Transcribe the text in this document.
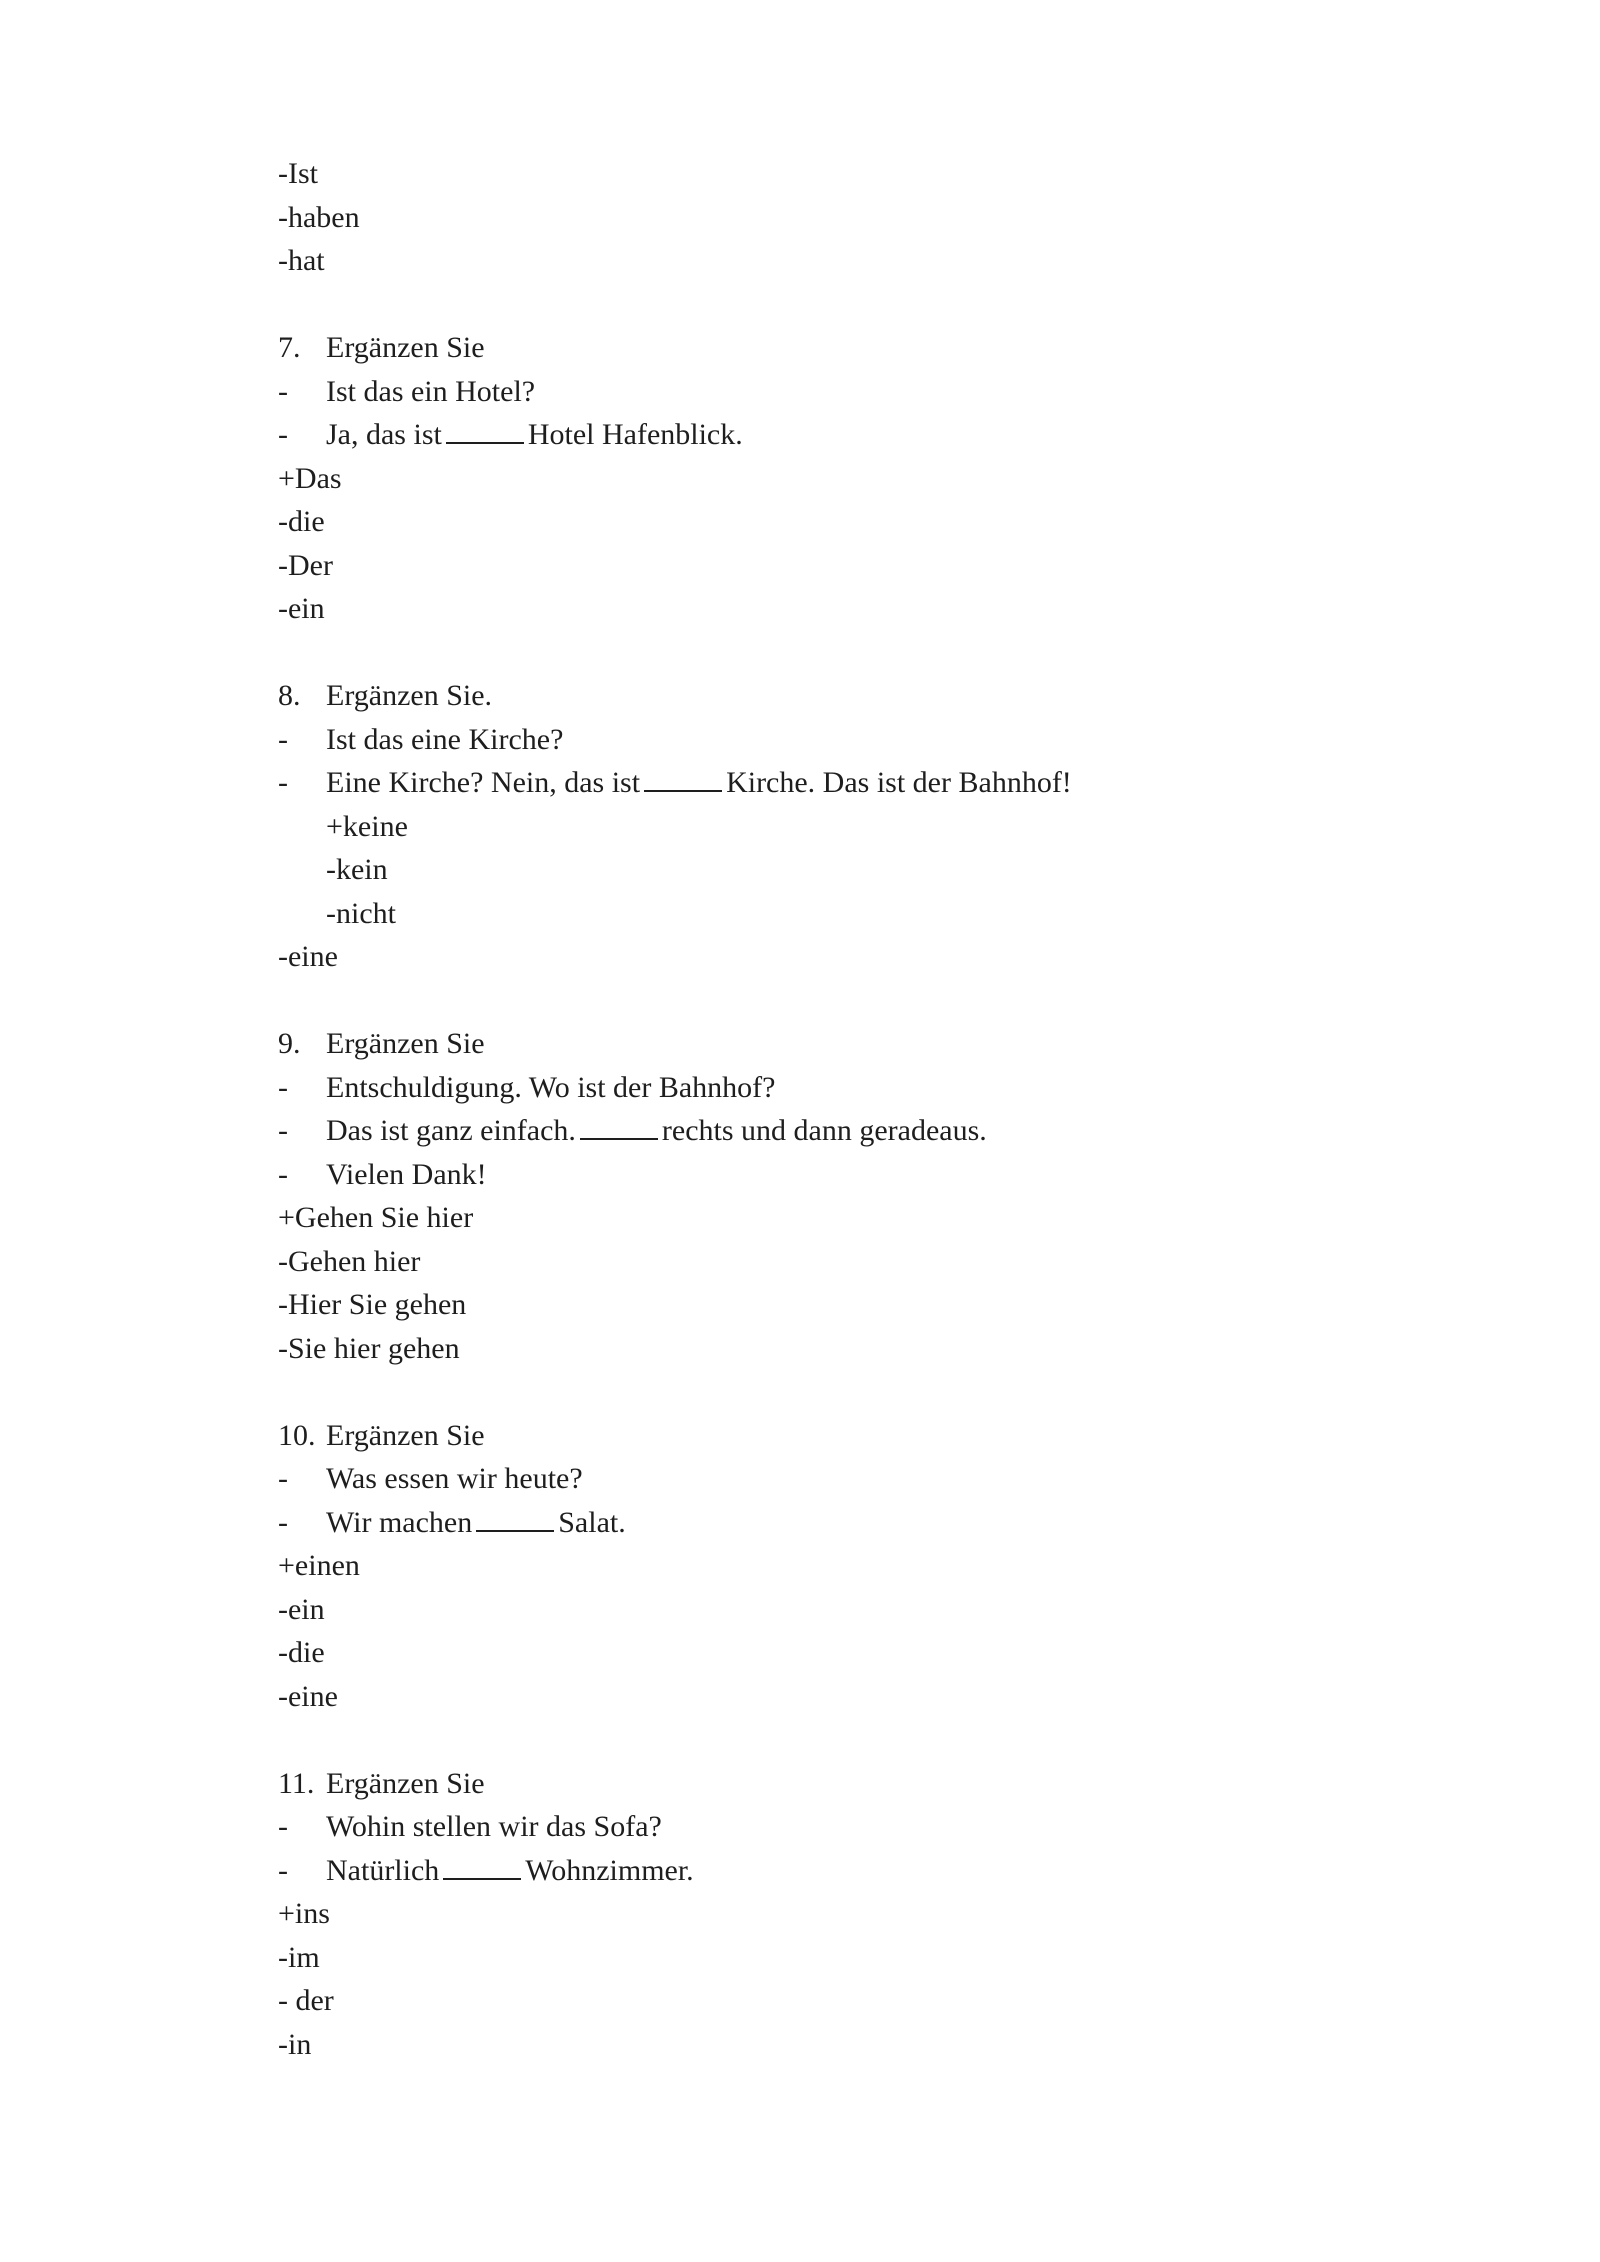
-Ist
-haben
-hat
7. Ergänzen Sie
-	Ist das ein Hotel?
-	Ja, das ist	Hotel Hafenblick.
+Das
-die
-Der
-ein
8. Ergänzen Sie.
-	Ist das eine Kirche?
-	Eine Kirche? Nein, das ist	Kirche. Das ist der Bahnhof!
+keine
-kein
-nicht
-eine
9. Ergänzen Sie
-	Entschuldigung. Wo ist der Bahnhof?
-	Das ist ganz einfach.	rechts und dann geradeaus.
-	Vielen Dank!
+Gehen Sie hier
-Gehen hier
-Hier Sie gehen
-Sie hier gehen
10. Ergänzen Sie
-	Was essen wir heute?
-	Wir machen	Salat.
+einen
-ein
-die
-eine
11. Ergänzen Sie
-	Wohin stellen wir das Sofa?
-	Natürlich	Wohnzimmer.
+ins
-im
- der
-in
